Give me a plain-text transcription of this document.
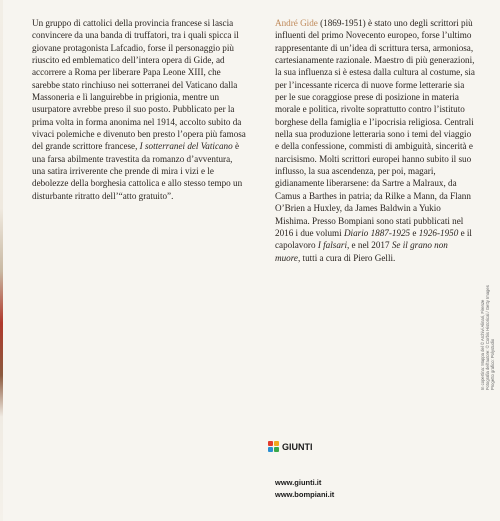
Un gruppo di cattolici della provincia francese si lascia convincere da una banda di truffatori, tra i quali spicca il giovane protagonista Lafcadio, forse il personaggio più riuscito ed emblematico dell’intera opera di Gide, ad accorrere a Roma per liberare Papa Leone XIII, che sarebbe stato rinchiuso nei sotterranei del Vaticano dalla Massoneria e lì languirebbe in prigionia, mentre un usurpatore avrebbe preso il suo posto. Pubblicato per la prima volta in forma anonima nel 1914, accolto subito da vivaci polemiche e divenuto ben presto l’opera più famosa del grande scrittore francese, I sotterranei del Vaticano è una farsa abilmente travestita da romanzo d’avventura, una satira irriverente che prende di mira i vizi e le debolezze della borghesia cattolica e allo stesso tempo un disturbante ritratto dell’“atto gratuito”.

André Gide (1869-1951) è stato uno degli scrittori più influenti del primo Novecento europeo, forse l’ultimo rappresentante di un’idea di scrittura tersa, armoniosa, cartesianamente razionale. Maestro di più generazioni, la sua influenza si è estesa dalla cultura al costume, sia per l’incessante ricerca di nuove forme letterarie sia per le sue coraggiose prese di posizione in materia morale e politica, rivolte soprattutto contro l’istituto borghese della famiglia e l’ipocrisia religiosa. Centrali nella sua produzione letteraria sono i temi del viaggio e della confessione, commisti di ambiguità, sincerità e narcisismo. Molti scrittori europei hanno subito il suo influsso, la sua ascendenza, per poi, magari, gidianamente liberarsene: da Sartre a Malraux, da Camus a Barthes in patria; da Rilke a Mann, da Flann O’Brien a Huxley, da James Baldwin a Yukio Mishima. Presso Bompiani sono stati pubblicati nel 2016 i due volumi Diario 1887-1925 e 1926-1950 e il capolavoro I falsari, e nel 2017 Se il grano non muore, tutti a cura di Piero Gelli.

In copertina: Mappa del © Archivi Alinari, Firenze Fotografia dell’autore: © Corbis Historical / Getty Images Progetto grafico: Polystudio
GIUNTI
www.giunti.it
www.bompiani.it
